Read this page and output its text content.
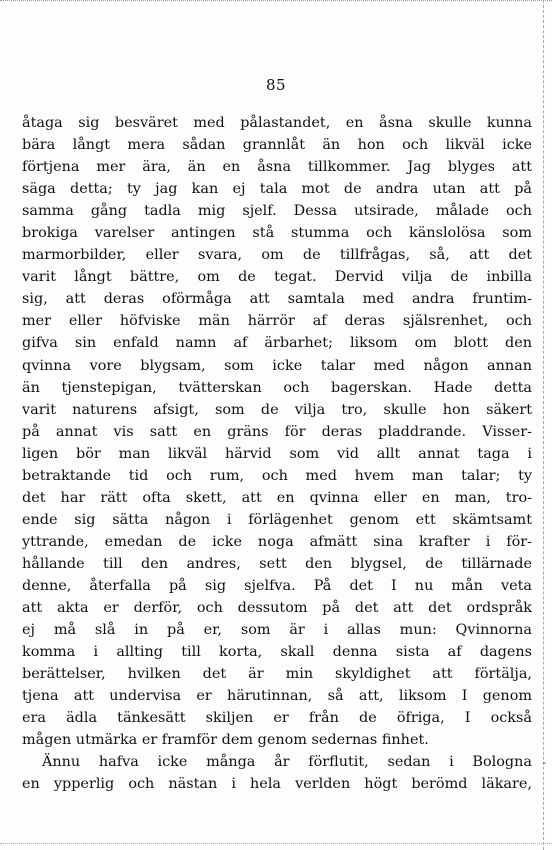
85
åtaga sig besväret med pålastandet, en åsna skulle kunna
bära långt mera sådan grannlåt än hon och likväl icke
förtjena mer ära, än en åsna tillkommer. Jag blyges att
säga detta; ty jag kan ej tala mot de andra utan att på
samma gång tadla mig sjelf. Dessa utsirade, målade och
brokiga varelser antingen stå stumma och känslolösa som
marmorbilder, eller svara, om de tillfrågas, så, att det
varit långt bättre, om de tegat. Dervid vilja de inbilla
sig, att deras oförmåga att samtala med andra fruntim-
mer eller höfviske män härrör af deras själsrenhet, och
gifva sin enfald namn af ärbarhet; liksom om blott den
qvinna vore blygsam, som icke talar med någon annan
än tjenstepigan, tvätterskan och bagerskan. Hade detta
varit naturens afsigt, som de vilja tro, skulle hon säkert
på annat vis satt en gräns för deras pladdrande. Visser-
ligen bör man likväl härvid som vid allt annat taga i
betraktande tid och rum, och med hvem man talar; ty
det har rätt ofta skett, att en qvinna eller en man, tro-
ende sig sätta någon i förlägenhet genom ett skämtsamt
yttrande, emedan de icke noga afmätt sina krafter i för-
hållande till den andres, sett den blygsel, de tillärnade
denne, återfalla på sig sjelfva. På det I nu mån veta
att akta er derför, och dessutom på det att det ordspråk
ej må slå in på er, som är i allas mun: Qvinnorna
komma i allting till korta, skall denna sista af dagens
berättelser, hvilken det är min skyldighet att förtälja,
tjena att undervisa er härutinnan, så att, liksom I genom
era ädla tänkesätt skiljen er från de öfriga, I också
mågen utmärka er framför dem genom sedernas finhet.
Ännu hafva icke många år förflutit, sedan i Bologna
en ypperlig och nästan i hela verlden högt berömd läkare,
-
